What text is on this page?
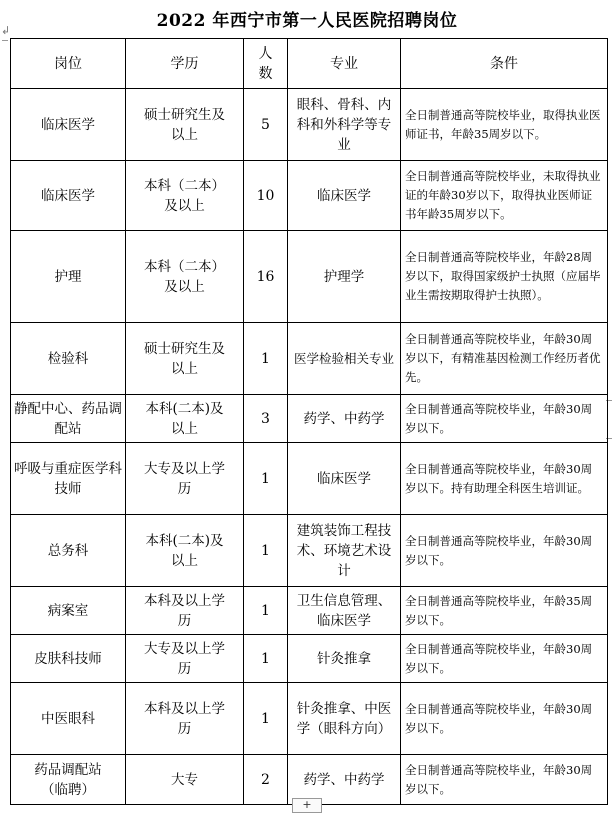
2022 年西宁市第一人民医院招聘岗位
↲
岗位	学历	人数	专业	条件
临床医学	硕士研究生及以上	5	眼科、骨科、内科和外科学等专业	全日制普通高等院校毕业，取得执业医师证书，年龄35周岁以下。
临床医学	本科（二本）及以上	10	临床医学	全日制普通高等院校毕业，未取得执业证的年龄30岁以下，取得执业医师证书年龄35周岁以下。
护理	本科（二本）及以上	16	护理学	全日制普通高等院校毕业，年龄28周岁以下，取得国家级护士执照（应届毕业生需按期取得护士执照）。
检验科	硕士研究生及以上	1	医学检验相关专业	全日制普通高等院校毕业，年龄30周岁以下，有精准基因检测工作经历者优先。
静配中心、药品调配站	本科(二本)及以上	3	药学、中药学	全日制普通高等院校毕业，年龄30周岁以下。
呼吸与重症医学科技师	大专及以上学历	1	临床医学	全日制普通高等院校毕业，年龄30周岁以下。持有助理全科医生培训证。
总务科	本科(二本)及以上	1	建筑装饰工程技术、环境艺术设计	全日制普通高等院校毕业，年龄30周岁以下。
病案室	本科及以上学历	1	卫生信息管理、临床医学	全日制普通高等院校毕业，年龄35周岁以下。
皮肤科技师	大专及以上学历	1	针灸推拿	全日制普通高等院校毕业，年龄30周岁以下。
中医眼科	本科及以上学历	1	针灸推拿、中医学（眼科方向）	全日制普通高等院校毕业，年龄30周岁以下。
药品调配站（临聘）	大专	2	药学、中药学	全日制普通高等院校毕业，年龄30周岁以下。
+
